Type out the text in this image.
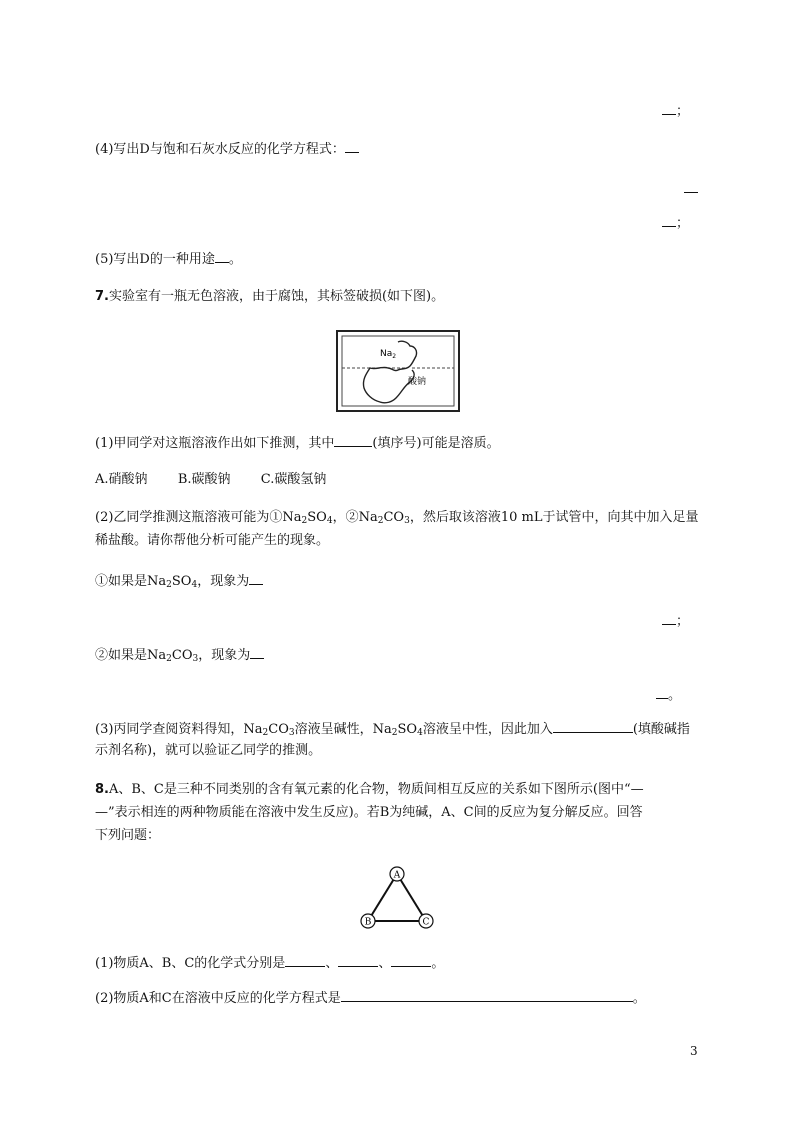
；
(4)写出D与饱和石灰水反应的化学方程式：
；
(5)写出D的一种用途 。
7.实验室有一瓶无色溶液，由于腐蚀，其标签破损(如下图)。
$Na_2$
酸钠
(1)甲同学对这瓶溶液作出如下推测，其中	(填序号)可能是溶质。
A.硝酸钠 B.碳酸钠 C.碳酸氢钠
(2)乙同学推测这瓶溶液可能为$①Na_2SO_4$，$②Na_2CO_3$，然后取该溶液10 mL于试管中，向其中加入足量
稀盐酸。请你帮他分析可能产生的现象。
①如果是$Na_2SO_4$，现象为
；
②如果是$Na_2CO_3$，现象为
。
(3)丙同学查阅资料得知，$Na_2CO_3$溶液呈碱性，$Na_2SO_4$溶液呈中性，因此加入	(填酸碱指
示剂名称)，就可以验证乙同学的推测。
8.A、B、C是三种不同类别的含有氧元素的化合物，物质间相互反应的关系如下图所示(图中“—
—”表示相连的两种物质能在溶液中发生反应)。若B为纯碱，A、C间的反应为复分解反应。回答
下列问题：
A
B	C
(1)物质A、B、C的化学式分别是	、	、	。
(2)物质A和C在溶液中反应的化学方程式是	。
3
